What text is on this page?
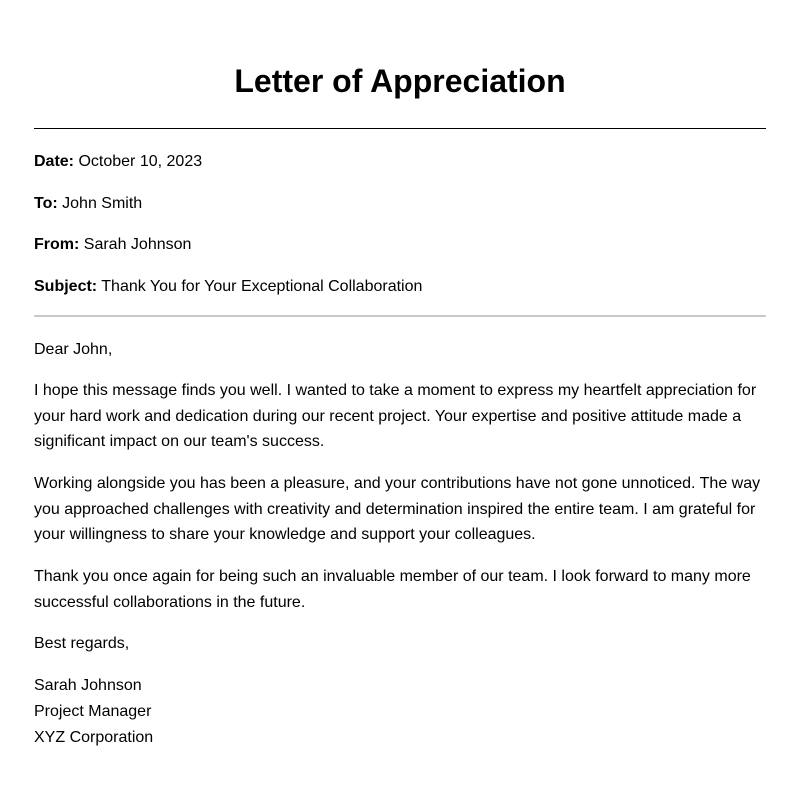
Letter of Appreciation
Date: October 10, 2023
To: John Smith
From: Sarah Johnson
Subject: Thank You for Your Exceptional Collaboration

Dear John,

I hope this message finds you well. I wanted to take a moment to express my heartfelt appreciation for your hard work and dedication during our recent project. Your expertise and positive attitude made a significant impact on our team's success.

Working alongside you has been a pleasure, and your contributions have not gone unnoticed. The way you approached challenges with creativity and determination inspired the entire team. I am grateful for your willingness to share your knowledge and support your colleagues.

Thank you once again for being such an invaluable member of our team. I look forward to many more successful collaborations in the future.

Best regards,

Sarah Johnson
Project Manager
XYZ Corporation
